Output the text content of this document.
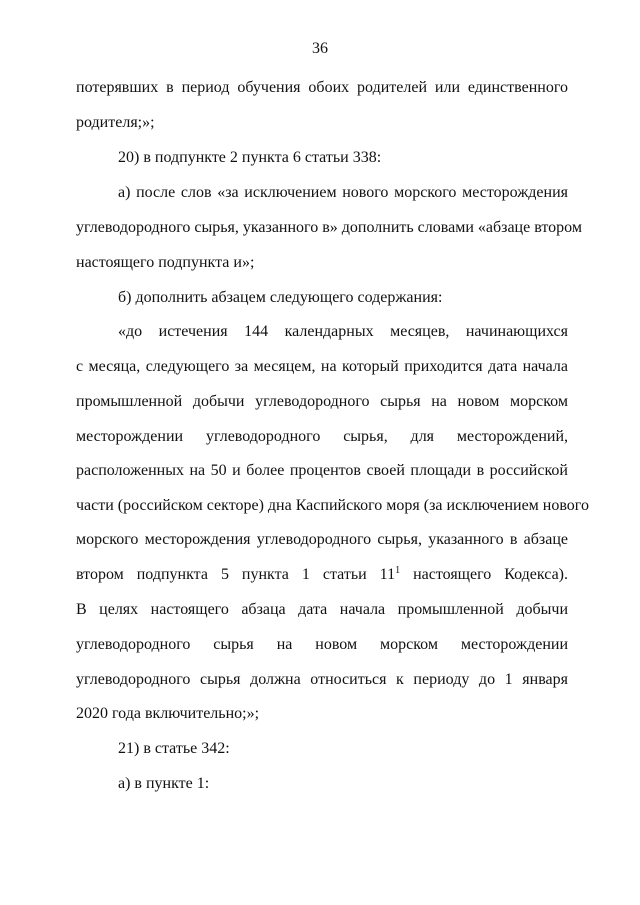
36
потерявших в период обучения обоих родителей или единственного
родителя;»;
20) в подпункте 2 пункта 6 статьи 338:
а) после слов «за исключением нового морского месторождения
углеводородного сырья, указанного в» дополнить словами «абзаце втором
настоящего подпункта и»;
б) дополнить абзацем следующего содержания:
«до истечения 144 календарных месяцев, начинающихся
с месяца, следующего за месяцем, на который приходится дата начала
промышленной добычи углеводородного сырья на новом морском
месторождении углеводородного сырья, для месторождений,
расположенных на 50 и более процентов своей площади в российской
части (российском секторе) дна Каспийского моря (за исключением нового
морского месторождения углеводородного сырья, указанного в абзаце
втором подпункта 5 пункта 1 статьи $11^1$ настоящего Кодекса).
В целях настоящего абзаца дата начала промышленной добычи
углеводородного сырья на новом морском месторождении
углеводородного сырья должна относиться к периоду до 1 января
2020 года включительно;»;
21) в статье 342:
а) в пункте 1:
